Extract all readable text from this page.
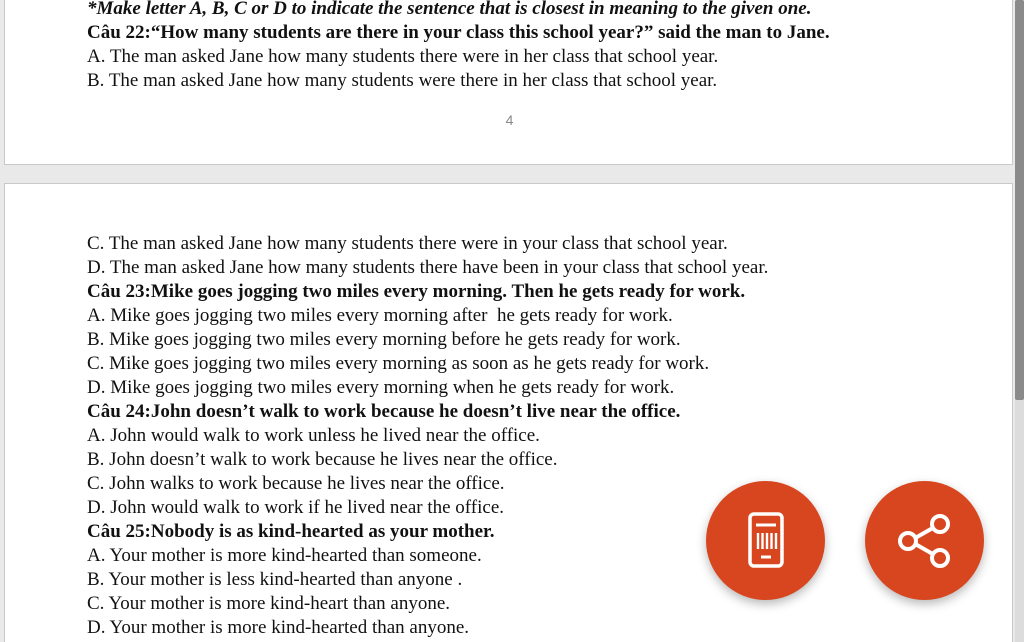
*Make letter A, B, C or D to indicate the sentence that is closest in meaning to the given one.
Câu 22:“How many students are there in your class this school year?” said the man to Jane.
A. The man asked Jane how many students there were in her class that school year.
B. The man asked Jane how many students were there in her class that school year.
4
C. The man asked Jane how many students there were in your class that school year.
D. The man asked Jane how many students there have been in your class that school year.
Câu 23:Mike goes jogging two miles every morning. Then he gets ready for work.
A. Mike goes jogging two miles every morning after  he gets ready for work.
B. Mike goes jogging two miles every morning before he gets ready for work.
C. Mike goes jogging two miles every morning as soon as he gets ready for work.
D. Mike goes jogging two miles every morning when he gets ready for work.
Câu 24:John doesn’t walk to work because he doesn’t live near the office.
A. John would walk to work unless he lived near the office.
B. John doesn’t walk to work because he lives near the office.
C. John walks to work because he lives near the office.
D. John would walk to work if he lived near the office.
Câu 25:Nobody is as kind-hearted as your mother.
A. Your mother is more kind-hearted than someone.
B. Your mother is less kind-hearted than anyone .
C. Your mother is more kind-heart than anyone.
D. Your mother is more kind-hearted than anyone.
